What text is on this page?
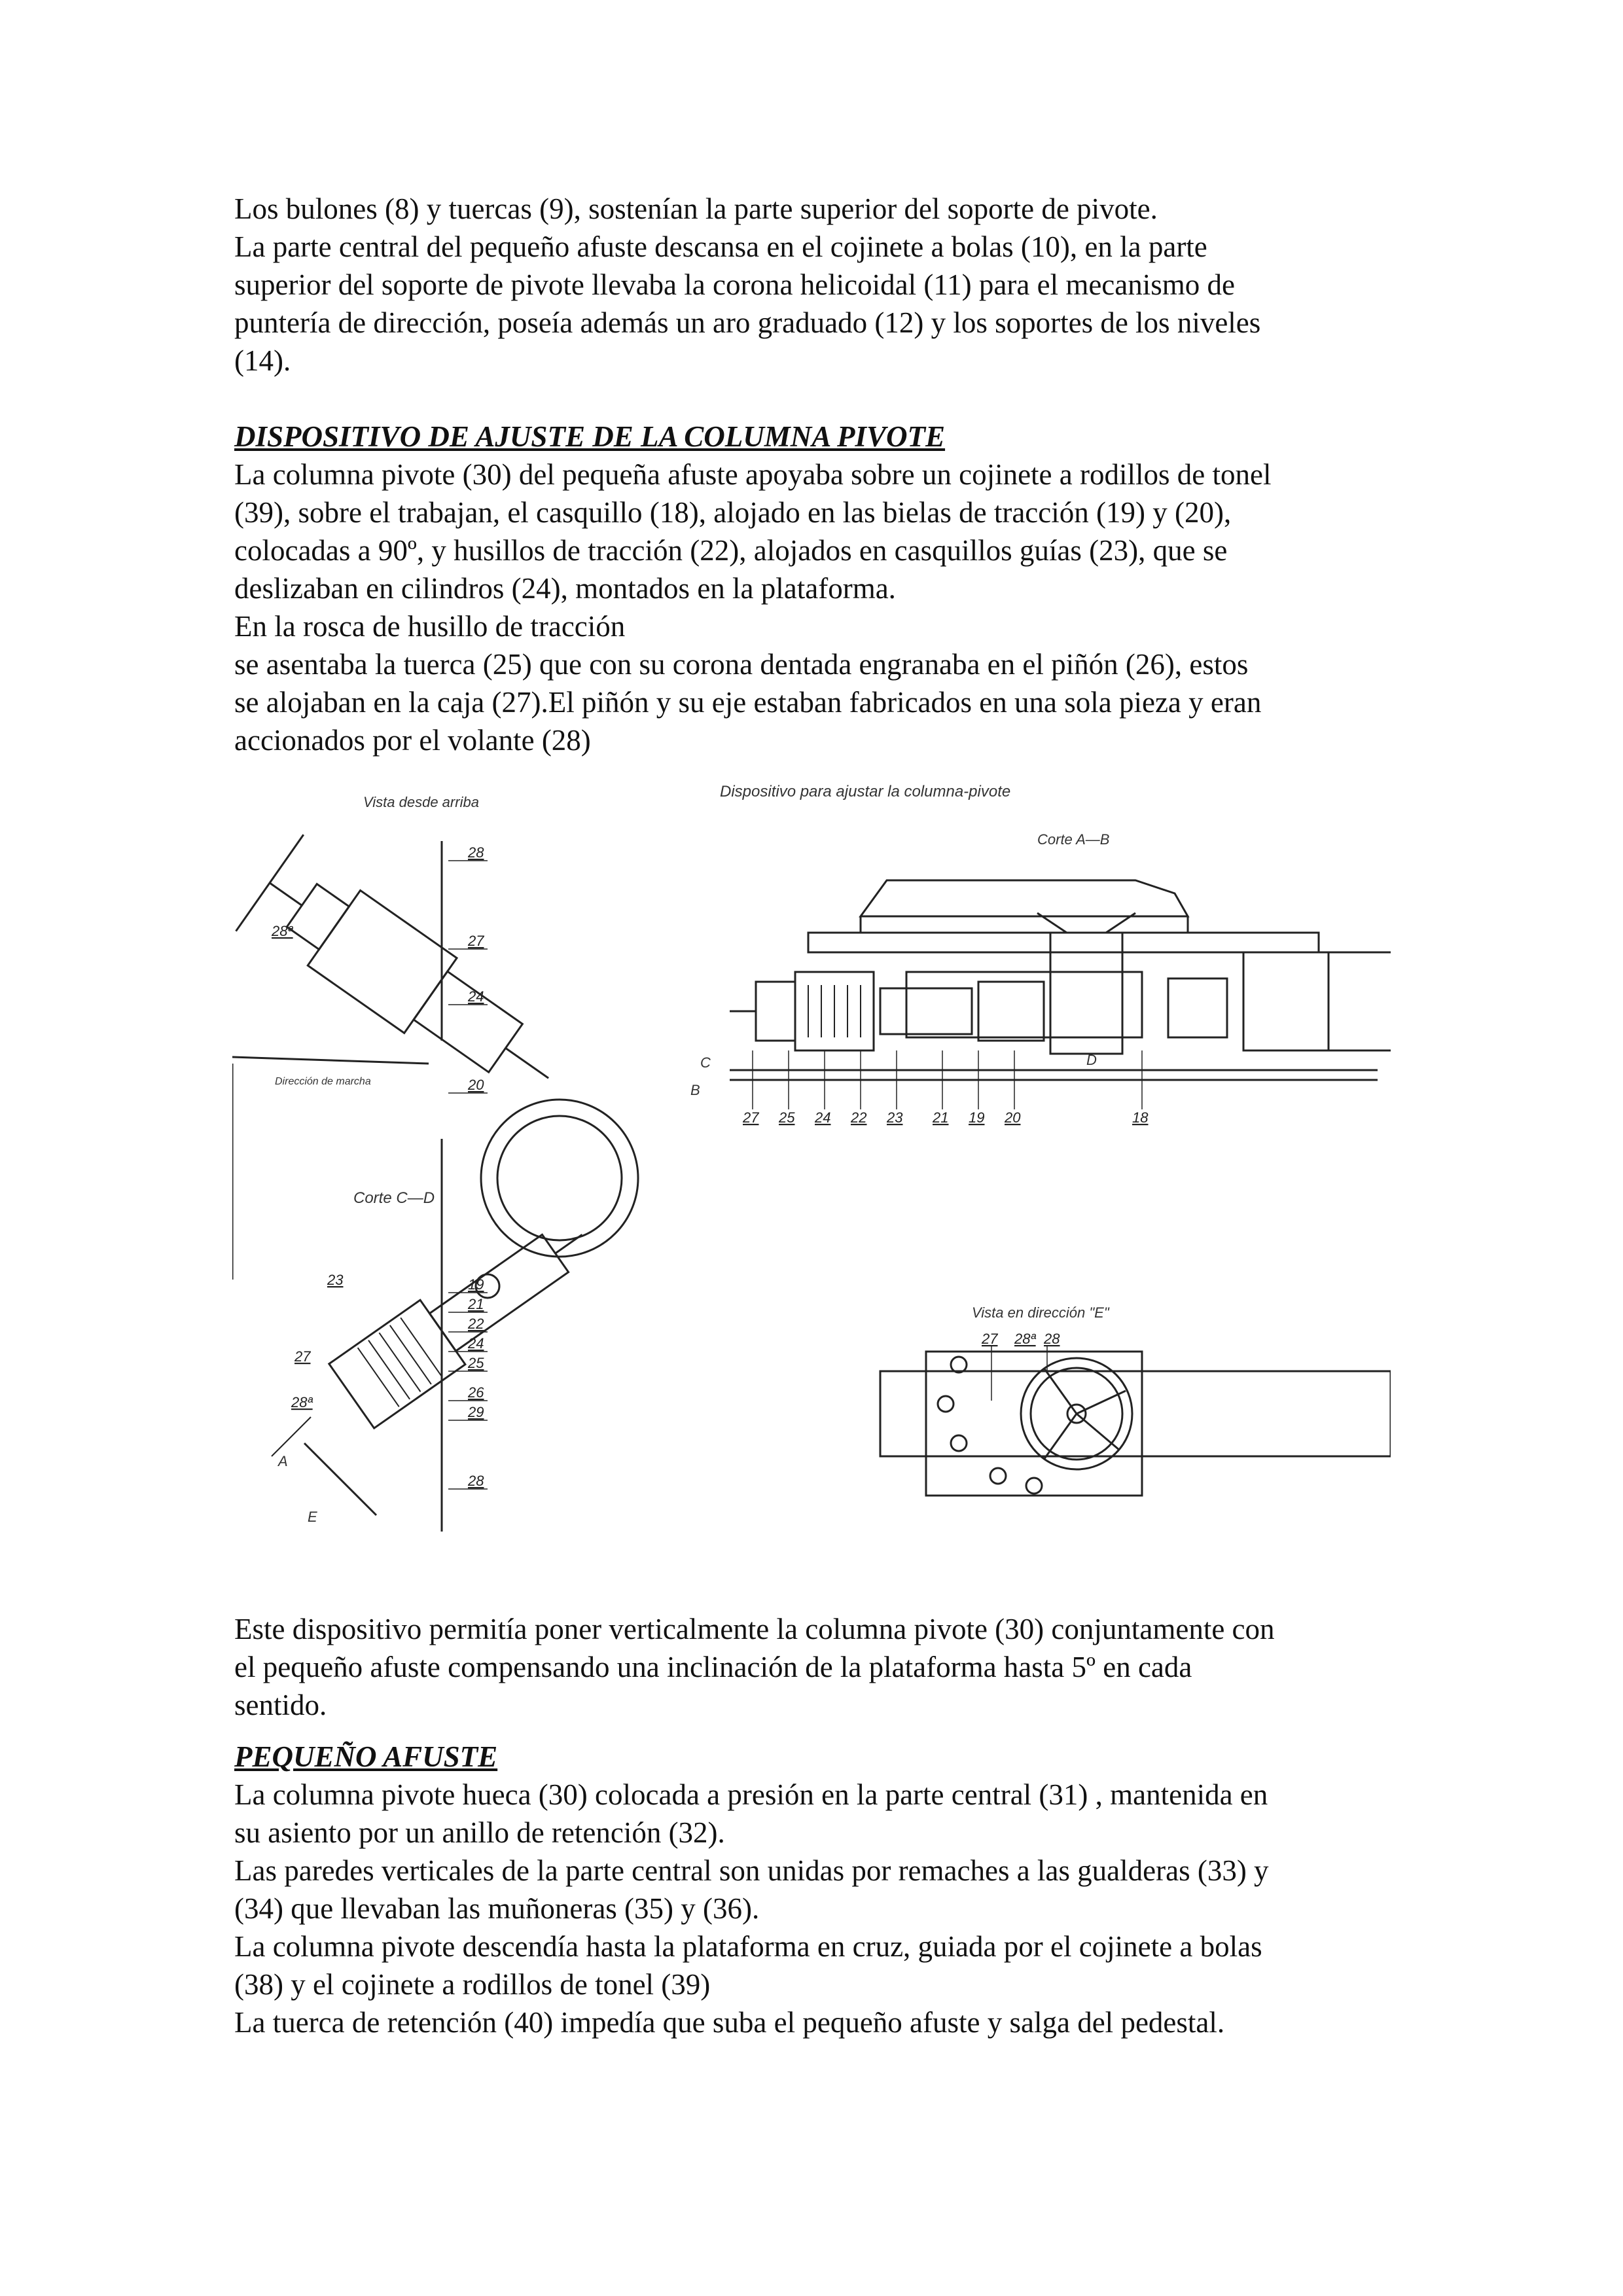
Los bulones (8) y tuercas (9), sostenían la parte superior del soporte de pivote.
La parte central del pequeño afuste descansa en el cojinete a bolas (10), en la parte
superior del soporte de pivote llevaba la corona helicoidal (11) para el mecanismo de
puntería de dirección, poseía además un aro graduado (12) y los soportes de los niveles
(14).

DISPOSITIVO DE AJUSTE DE LA COLUMNA PIVOTE

La columna pivote (30) del pequeña afuste apoyaba sobre un cojinete a rodillos de tonel
(39), sobre el trabajan, el casquillo (18), alojado en las bielas de tracción (19) y (20),
colocadas a 90º, y husillos de tracción (22), alojados en casquillos guías (23), que se
deslizaban en cilindros (24), montados en la plataforma.
En la rosca de husillo de tracción
se asentaba la tuerca (25) que con su corona dentada engranaba en el piñón (26), estos
se alojaban en la caja (27).El piñón y su eje estaban fabricados en una sola pieza y eran
accionados por el volante (28)

Vista desde arriba
Dispositivo para ajustar la columna-pivote
Corte A—B
Corte C—D
Dirección de marcha
Vista en dirección "E"
C
B
D
A
E
28
27
24
20
19
21
22
24
25
26
29
28
28ª
23
27
28ª
27 25 24 22 23 21 19 20	18
27 28ª 28

Este dispositivo permitía poner verticalmente la columna pivote (30) conjuntamente con
el pequeño afuste compensando una inclinación de la plataforma hasta 5º en cada
sentido.

PEQUEÑO AFUSTE

La columna pivote hueca (30) colocada a presión en la parte central (31) , mantenida en
su asiento por un anillo de retención (32).
Las paredes verticales de la parte central son unidas por remaches a las gualderas (33) y
(34) que llevaban las muñoneras (35) y (36).
La columna pivote descendía hasta la plataforma en cruz, guiada por el cojinete a bolas
(38) y el cojinete a rodillos de tonel (39)
La tuerca de retención (40) impedía que suba el pequeño afuste y salga del pedestal.
